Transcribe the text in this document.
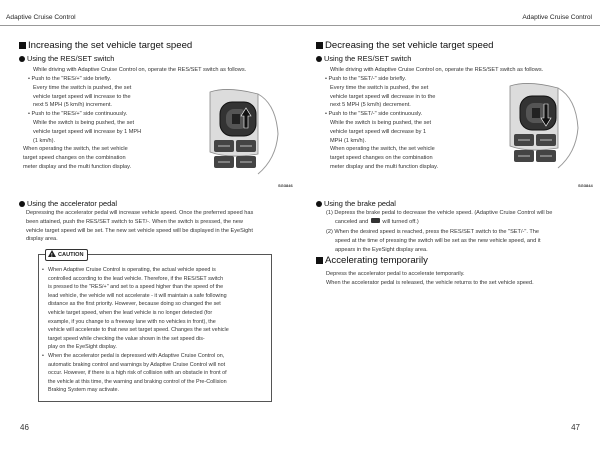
Adaptive Cruise Control
Increasing the set vehicle target speed
Using the RES/SET switch
While driving with Adaptive Cruise Control on, operate the RES/SET switch as follows.
• Push to the "RES/+" side briefly.
Every time the switch is pushed, the set
vehicle target speed will increase to the
next 5 MPH (5 km/h) increment.
• Push to the "RES/+" side continuously.
While the switch is being pushed, the set
vehicle target speed will increase by 1 MPH
(1 km/h).
When operating the switch, the set vehicle
target speed changes on the combination
meter display and the multi function display.
SG3846
Using the accelerator pedal
Depressing the accelerator pedal will increase vehicle speed. Once the preferred speed has
been attained, push the RES/SET switch to SET/-. When the switch is pressed, the new
vehicle target speed will be set. The new set vehicle speed will be displayed in the EyeSight
display area.
!CAUTION
• When Adaptive Cruise Control is operating, the actual vehicle speed is
controlled according to the lead vehicle. Therefore, if the RES/SET switch
is pressed to the "RES/+" and set to a speed higher than the speed of the
lead vehicle, the vehicle will not accelerate - it will maintain a safe following
distance as the first priority. However, because doing so changed the set
vehicle target speed, when the lead vehicle is no longer detected (for
example, if you change to a freeway lane with no vehicles in front), the
vehicle will accelerate to that new set target speed. Changes the set vehicle
target speed while checking the value shown in the set speed dis-
play on the EyeSight display.
• When the accelerator pedal is depressed with Adaptive Cruise Control on,
automatic braking control and warnings by Adaptive Cruise Control will not
occur. However, if there is a high risk of collision with an obstacle in front of
the vehicle at this time, the warning and braking control of the Pre-Collision
Braking System may activate.
46
Adaptive Cruise Control
Decreasing the set vehicle target speed
Using the RES/SET switch
While driving with Adaptive Cruise Control on, operate the RES/SET switch as follows.
• Push to the "SET/-" side briefly.
Every time the switch is pushed, the set
vehicle target speed will decrease in to the
next 5 MPH (5 km/h) decrement.
• Push to the "SET/-" side continuously.
While the switch is being pushed, the set
vehicle target speed will decrease by 1
MPH (1 km/h).
When operating the switch, the set vehicle
target speed changes on the combination
meter display and the multi function display.
SG3844
Using the brake pedal
(1) Depress the brake pedal to decrease the vehicle speed. (Adaptive Cruise Control will be
canceled and	will turned off.)
(2) When the desired speed is reached, press the RES/SET switch to the "SET/-". The
speed at the time of pressing the switch will be set as the new vehicle speed, and it
appears in the EyeSight display area.
Accelerating temporarily
Depress the accelerator pedal to accelerate temporarily.
When the accelerator pedal is released, the vehicle returns to the set vehicle speed.
47
